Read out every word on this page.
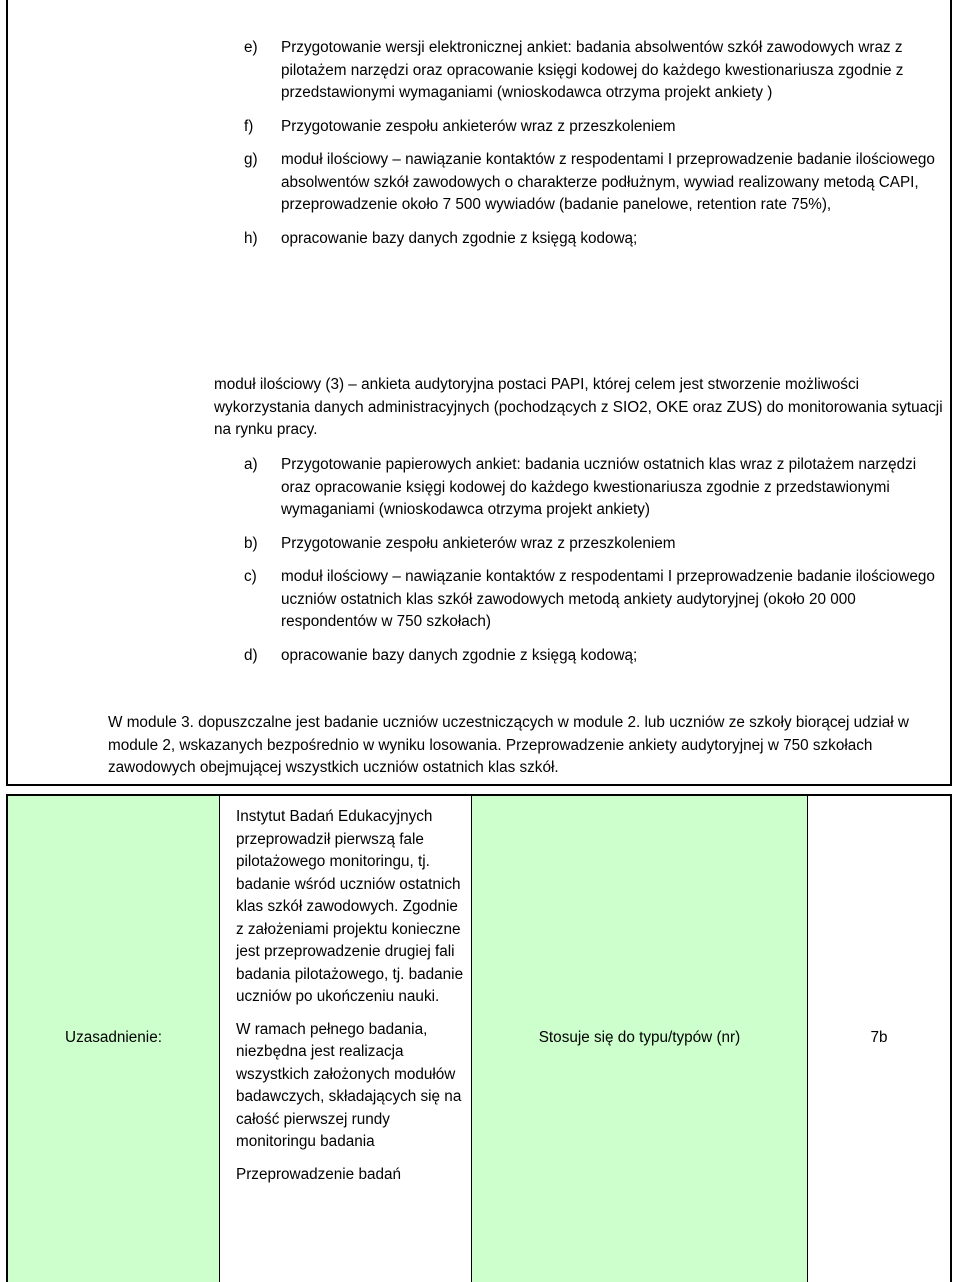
e) Przygotowanie wersji elektronicznej ankiet: badania absolwentów szkół zawodowych wraz z pilotażem narzędzi oraz opracowanie księgi kodowej do każdego kwestionariusza zgodnie z przedstawionymi wymaganiami (wnioskodawca otrzyma projekt ankiety )
f) Przygotowanie zespołu ankieterów wraz z przeszkoleniem
g) moduł ilościowy – nawiązanie kontaktów z respodentami I przeprowadzenie badanie ilościowego absolwentów szkół zawodowych o charakterze podłużnym, wywiad realizowany metodą CAPI, przeprowadzenie około 7 500 wywiadów (badanie panelowe, retention rate 75%),
h) opracowanie bazy danych zgodnie z księgą kodową;

moduł ilościowy (3) – ankieta audytoryjna postaci PAPI, której celem jest stworzenie możliwości wykorzystania danych administracyjnych (pochodzących z SIO2, OKE oraz ZUS) do monitorowania sytuacji na rynku pracy.

a) Przygotowanie papierowych ankiet: badania uczniów ostatnich klas wraz z pilotażem narzędzi oraz opracowanie księgi kodowej do każdego kwestionariusza zgodnie z przedstawionymi wymaganiami (wnioskodawca otrzyma projekt ankiety)
b) Przygotowanie zespołu ankieterów wraz z przeszkoleniem
c) moduł ilościowy – nawiązanie kontaktów z respodentami I przeprowadzenie badanie ilościowego uczniów ostatnich klas szkół zawodowych metodą ankiety audytoryjnej (około 20 000 respondentów w 750 szkołach)
d) opracowanie bazy danych zgodnie z księgą kodową;

W module 3. dopuszczalne jest badanie uczniów uczestniczących w module 2. lub uczniów ze szkoły biorącej udział w module 2, wskazanych bezpośrednio w wyniku losowania. Przeprowadzenie ankiety audytoryjnej w 750 szkołach zawodowych obejmującej wszystkich uczniów ostatnich klas szkół.

Uzasadnienie:

Instytut Badań Edukacyjnych przeprowadził pierwszą fale pilotażowego monitoringu, tj. badanie wśród uczniów ostatnich klas szkół zawodowych. Zgodnie z założeniami projektu konieczne jest przeprowadzenie drugiej fali badania pilotażowego, tj. badanie uczniów po ukończeniu nauki.

W ramach pełnego badania, niezbędna jest realizacja wszystkich założonych modułów badawczych, składających się na całość pierwszej rundy monitoringu badania

Przeprowadzenie badań

Stosuje się do typu/typów (nr)	7b
